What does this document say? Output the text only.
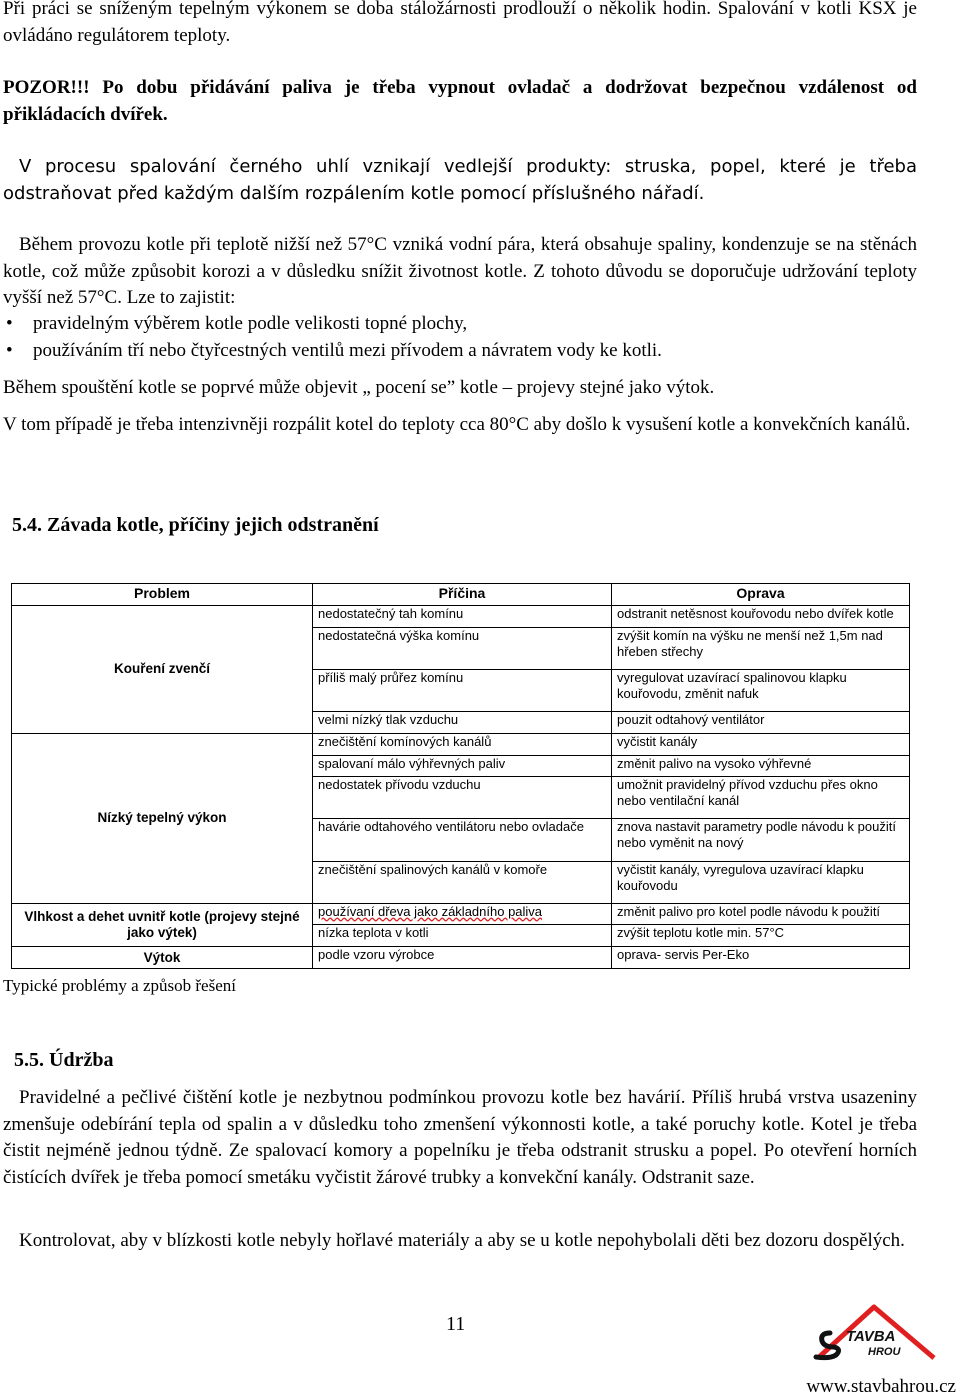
Při práci se sníženým tepelným výkonem se doba stáložárnosti prodlouží o několik hodin. Spalování v kotli KSX je ovládáno regulátorem teploty.

POZOR!!! Po dobu přidávání paliva je třeba vypnout ovladač a dodržovat bezpečnou vzdálenost od přikládacích dvířek.

V procesu spalování černého uhlí vznikají vedlejší produkty: struska, popel, které je třeba odstraňovat před každým dalším rozpálením kotle pomocí příslušného nářadí.

Během provozu kotle při teplotě nižší než 57°C vzniká vodní pára, která obsahuje spaliny, kondenzuje se na stěnách kotle, což může způsobit korozi a v důsledku snížit životnost kotle. Z tohoto důvodu se doporučuje udržování teploty vyšší než 57°C. Lze to zajistit:

• pravidelným výběrem kotle podle velikosti topné plochy,
• používáním tří nebo čtyřcestných ventilů mezi přívodem a návratem vody ke kotli.

Během spouštění kotle se poprvé může objevit „ pocení se” kotle – projevy stejné jako výtok.

V tom případě je třeba intenzivněji rozpálit kotel do teploty cca 80°C aby došlo k vysušení kotle a konvekčních kanálů.

5.4. Závada kotle, příčiny jejich odstranění
Problem	Příčina	Oprava
Kouření zvenčí	nedostatečný tah komínu	odstranit netěsnost kouřovodu nebo dvířek kotle
	nedostatečná výška komínu	zvýšit komín na výšku ne menší než 1,5m nad hřeben střechy
	příliš malý průřez komínu	vyregulovat uzavírací spalinovou klapku kouřovodu, změnit nafuk
	velmi nízký tlak vzduchu	pouzit odtahový ventilátor
Nízký tepelný výkon	znečištění komínových kanálů	vyčistit kanály
	spalovaní málo výhřevných paliv	změnit palivo na vysoko výhřevné
	nedostatek přívodu vzduchu	umožnit pravidelný přívod vzduchu přes okno nebo ventilační kanál
	havárie odtahového ventilátoru nebo ovladače	znova nastavit parametry podle návodu k použití nebo vyměnit na nový
	znečištění spalinových kanálů v komoře	vyčistit kanály, vyregulova uzavírací klapku kouřovodu
Vlhkost a dehet uvnitř kotle (projevy stejné jako výtek)	používaní dřeva jako základního paliva	změnit palivo pro kotel podle návodu k použití
	nízka teplota v kotli	zvýšit teplotu kotle min. 57°C
Výtok	podle vzoru výrobce	oprava- servis Per-Eko
Typické problémy a způsob řešení
5.5. Údržba

Pravidelné a pečlivé čištění kotle je nezbytnou podmínkou provozu kotle bez havárií. Příliš hrubá vrstva usazeniny zmenšuje odebírání tepla od spalin a v důsledku toho zmenšení výkonnosti kotle, a také poruchy kotle. Kotel je třeba čistit nejméně jednou týdně. Ze spalovací komory a popelníku je třeba odstranit strusku a popel. Po otevření horních čistících dvířek je třeba pomocí smetáku vyčistit žárové trubky a konvekční kanály. Odstranit saze.

Kontrolovat, aby v blízkosti kotle nebyly hořlavé materiály a aby se u kotle nepohybolali děti bez dozoru dospělých.

11
TAVBA
HROU
www.stavbahrou.cz
